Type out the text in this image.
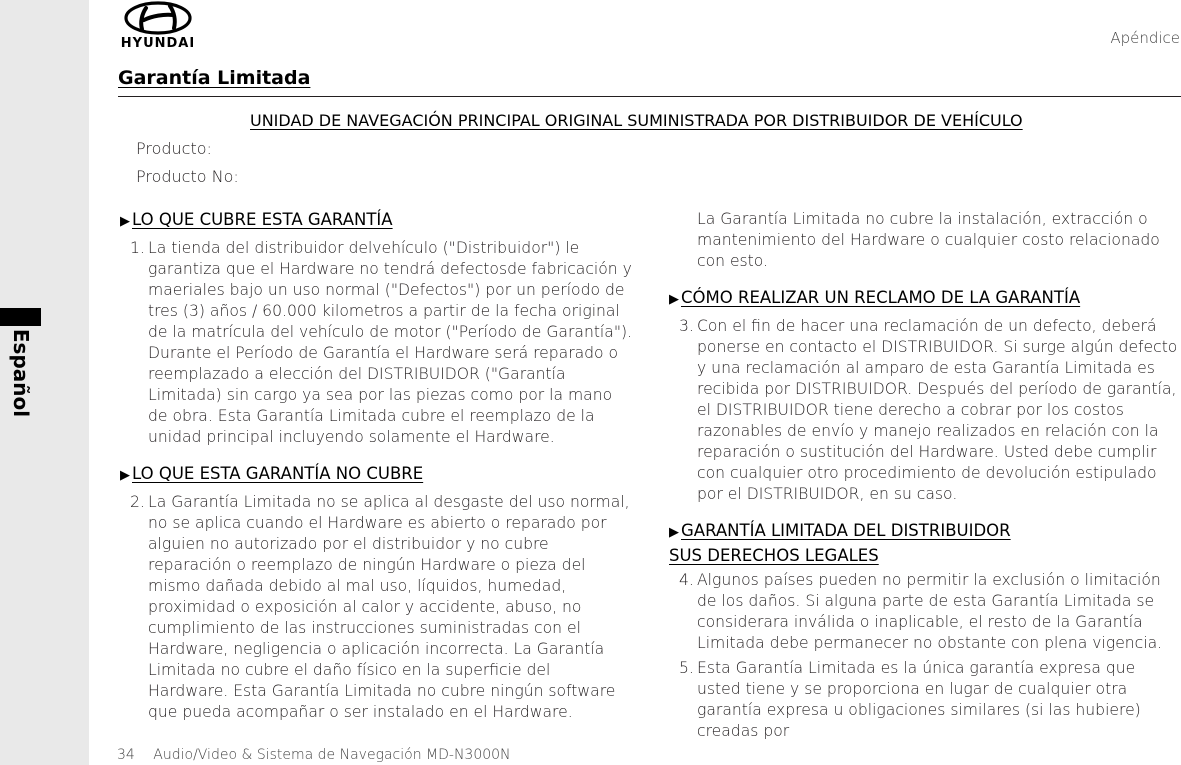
Español
HYUNDAI	Apéndice
Garantía Limitada
UNIDAD DE NAVEGACIÓN PRINCIPAL ORIGINAL SUMINISTRADA POR DISTRIBUIDOR DE VEHÍCULO
Producto:
Producto No:

▶ LO QUE CUBRE ESTA GARANTÍA

1. La tienda del distribuidor delvehículo ("Distribuidor") le garantiza que el Hardware no tendrá defectosde fabricación y maeriales bajo un uso normal ("Defectos") por un período de tres (3) años / 60.000 kilometros a partir de la fecha original de la matrícula del vehículo de motor ("Período de Garantía"). Durante el Período de Garantía el Hardware será reparado o reemplazado a elección del DISTRIBUIDOR ("Garantía Limitada) sin cargo ya sea por las piezas como por la mano de obra. Esta Garantía Limitada cubre el reemplazo de la unidad principal incluyendo solamente el Hardware.

▶ LO QUE ESTA GARANTÍA NO CUBRE

2. La Garantía Limitada no se aplica al desgaste del uso normal, no se aplica cuando el Hardware es abierto o reparado por alguien no autorizado por el distribuidor y no cubre reparación o reemplazo de ningún Hardware o pieza del mismo dañada debido al mal uso, líquidos, humedad, proximidad o exposición al calor y accidente, abuso, no cumplimiento de las instrucciones suministradas con el Hardware, negligencia o aplicación incorrecta. La Garantía Limitada no cubre el daño físico en la superficie del Hardware. Esta Garantía Limitada no cubre ningún software que pueda acompañar o ser instalado en el Hardware.

La Garantía Limitada no cubre la instalación, extracción o mantenimiento del Hardware o cualquier costo relacionado con esto.

▶ CÓMO REALIZAR UN RECLAMO DE LA GARANTÍA

3. Con el fin de hacer una reclamación de un defecto, deberá ponerse en contacto el DISTRIBUIDOR. Si surge algún defecto y una reclamación al amparo de esta Garantía Limitada es recibida por DISTRIBUIDOR. Después del período de garantía, el DISTRIBUIDOR tiene derecho a cobrar por los costos razonables de envío y manejo realizados en relación con la reparación o sustitución del Hardware. Usted debe cumplir con cualquier otro procedimiento de devolución estipulado por el DISTRIBUIDOR, en su caso.

▶ GARANTÍA LIMITADA DEL DISTRIBUIDOR

SUS DERECHOS LEGALES

4. Algunos países pueden no permitir la exclusión o limitación de los daños. Si alguna parte de esta Garantía Limitada se considerara inválida o inaplicable, el resto de la Garantía Limitada debe permanecer no obstante con plena vigencia.

5. Esta Garantía Limitada es la única garantía expresa que usted tiene y se proporciona en lugar de cualquier otra garantía expresa u obligaciones similares (si las hubiere) creadas por

34 Audio/Video & Sistema de Navegación MD-N3000N
